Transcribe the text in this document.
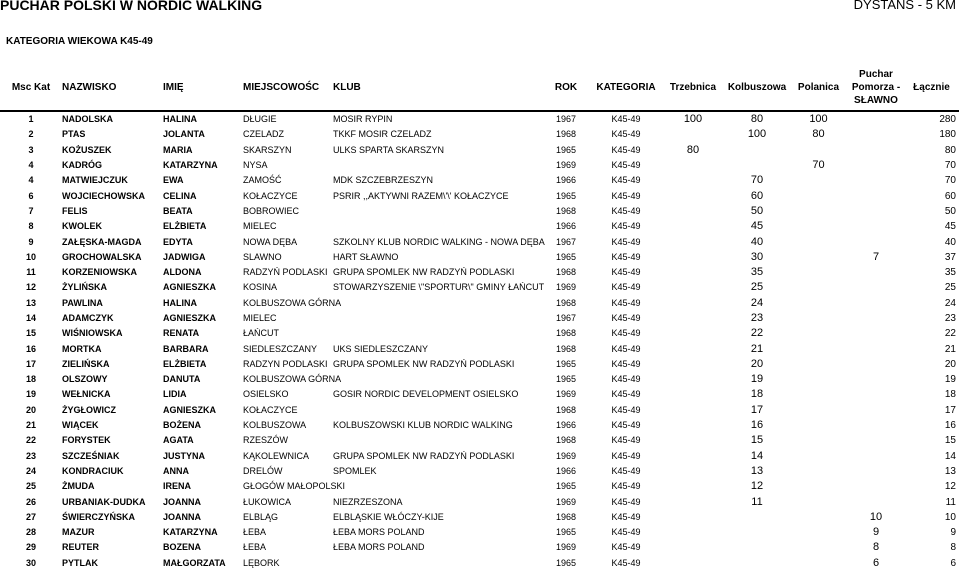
PUCHAR POLSKI W NORDIC WALKING	DYSTANS - 5 KM
KATEGORIA WIEKOWA K45-49
Msc Kat	NAZWISKO	IMIĘ	MIEJSCOWOŚC	KLUB	ROK	KATEGORIA	Trzebnica	Kolbuszowa	Polanica	Puchar
Pomorza -
SŁAWNO	Łącznie
1	NADOLSKA	HALINA	DŁUGIE	MOSIR RYPIN	1967	K45-49	100	80	100		280
2	PTAS	JOLANTA	CZELADZ	TKKF MOSIR CZELADZ	1968	K45-49		100	80		180
3	KOŻUSZEK	MARIA	SKARSZYN	ULKS SPARTA SKARSZYN	1965	K45-49	80				80
4	KADRÓG	KATARZYNA	NYSA		1969	K45-49			70		70
4	MATWIEJCZUK	EWA	ZAMOŚĆ	MDK SZCZEBRZESZYN	1966	K45-49		70			70
6	WOJCIECHOWSKA	CELINA	KOŁACZYCE	PSRIR ,,AKTYWNI RAZEM\'\' KOŁACZYCE	1965	K45-49		60			60
7	FELIS	BEATA	BOBROWIEC		1968	K45-49		50			50
8	KWOLEK	ELŻBIETA	MIELEC		1966	K45-49		45			45
9	ZAŁĘSKA-MAGDA	EDYTA	NOWA DĘBA	SZKOLNY KLUB NORDIC WALKING - NOWA DĘBA	1967	K45-49		40			40
10	GROCHOWALSKA	JADWIGA	SLAWNO	HART SŁAWNO	1965	K45-49		30		7	37
11	KORZENIOWSKA	ALDONA	RADZYŃ PODLASKI	GRUPA SPOMLEK NW RADZYŃ PODLASKI	1968	K45-49		35			35
12	ŻYLIŃSKA	AGNIESZKA	KOSINA	STOWARZYSZENIE \"SPORTUR\" GMINY ŁAŃCUT	1969	K45-49		25			25
13	PAWLINA	HALINA	KOLBUSZOWA GÓRNA		1968	K45-49		24			24
14	ADAMCZYK	AGNIESZKA	MIELEC		1967	K45-49		23			23
15	WIŚNIOWSKA	RENATA	ŁAŃCUT		1968	K45-49		22			22
16	MORTKA	BARBARA	SIEDLESZCZANY	UKS SIEDLESZCZANY	1968	K45-49		21			21
17	ZIELIŃSKA	ELŻBIETA	RADZYN PODLASKI	GRUPA SPOMLEK NW RADZYŃ PODLASKI	1965	K45-49		20			20
18	OLSZOWY	DANUTA	KOLBUSZOWA GÓRNA		1965	K45-49		19			19
19	WEŁNICKA	LIDIA	OSIELSKO	GOSIR NORDIC DEVELOPMENT OSIELSKO	1969	K45-49		18			18
20	ŻYGŁOWICZ	AGNIESZKA	KOŁACZYCE		1968	K45-49		17			17
21	WIĄCEK	BOŻENA	KOLBUSZOWA	KOLBUSZOWSKI KLUB NORDIC WALKING	1966	K45-49		16			16
22	FORYSTEK	AGATA	RZESZÓW		1968	K45-49		15			15
23	SZCZEŚNIAK	JUSTYNA	KĄKOLEWNICA	GRUPA SPOMLEK NW RADZYŃ PODLASKI	1969	K45-49		14			14
24	KONDRACIUK	ANNA	DRELÓW	SPOMLEK	1966	K45-49		13			13
25	ŻMUDA	IRENA	GŁOGÓW MAŁOPOLSKI		1965	K45-49		12			12
26	URBANIAK-DUDKA	JOANNA	ŁUKOWICA	NIEZRZESZONA	1969	K45-49		11			11
27	ŚWIERCZYŃSKA	JOANNA	ELBLĄG	ELBLĄSKIE WŁÓCZY-KIJE	1968	K45-49				10	10
28	MAZUR	KATARZYNA	ŁEBA	ŁEBA MORS POLAND	1965	K45-49				9	9
29	REUTER	BOZENA	ŁEBA	ŁEBA MORS POLAND	1969	K45-49				8	8
30	PYTLAK	MAŁGORZATA	LĘBORK		1965	K45-49				6	6
